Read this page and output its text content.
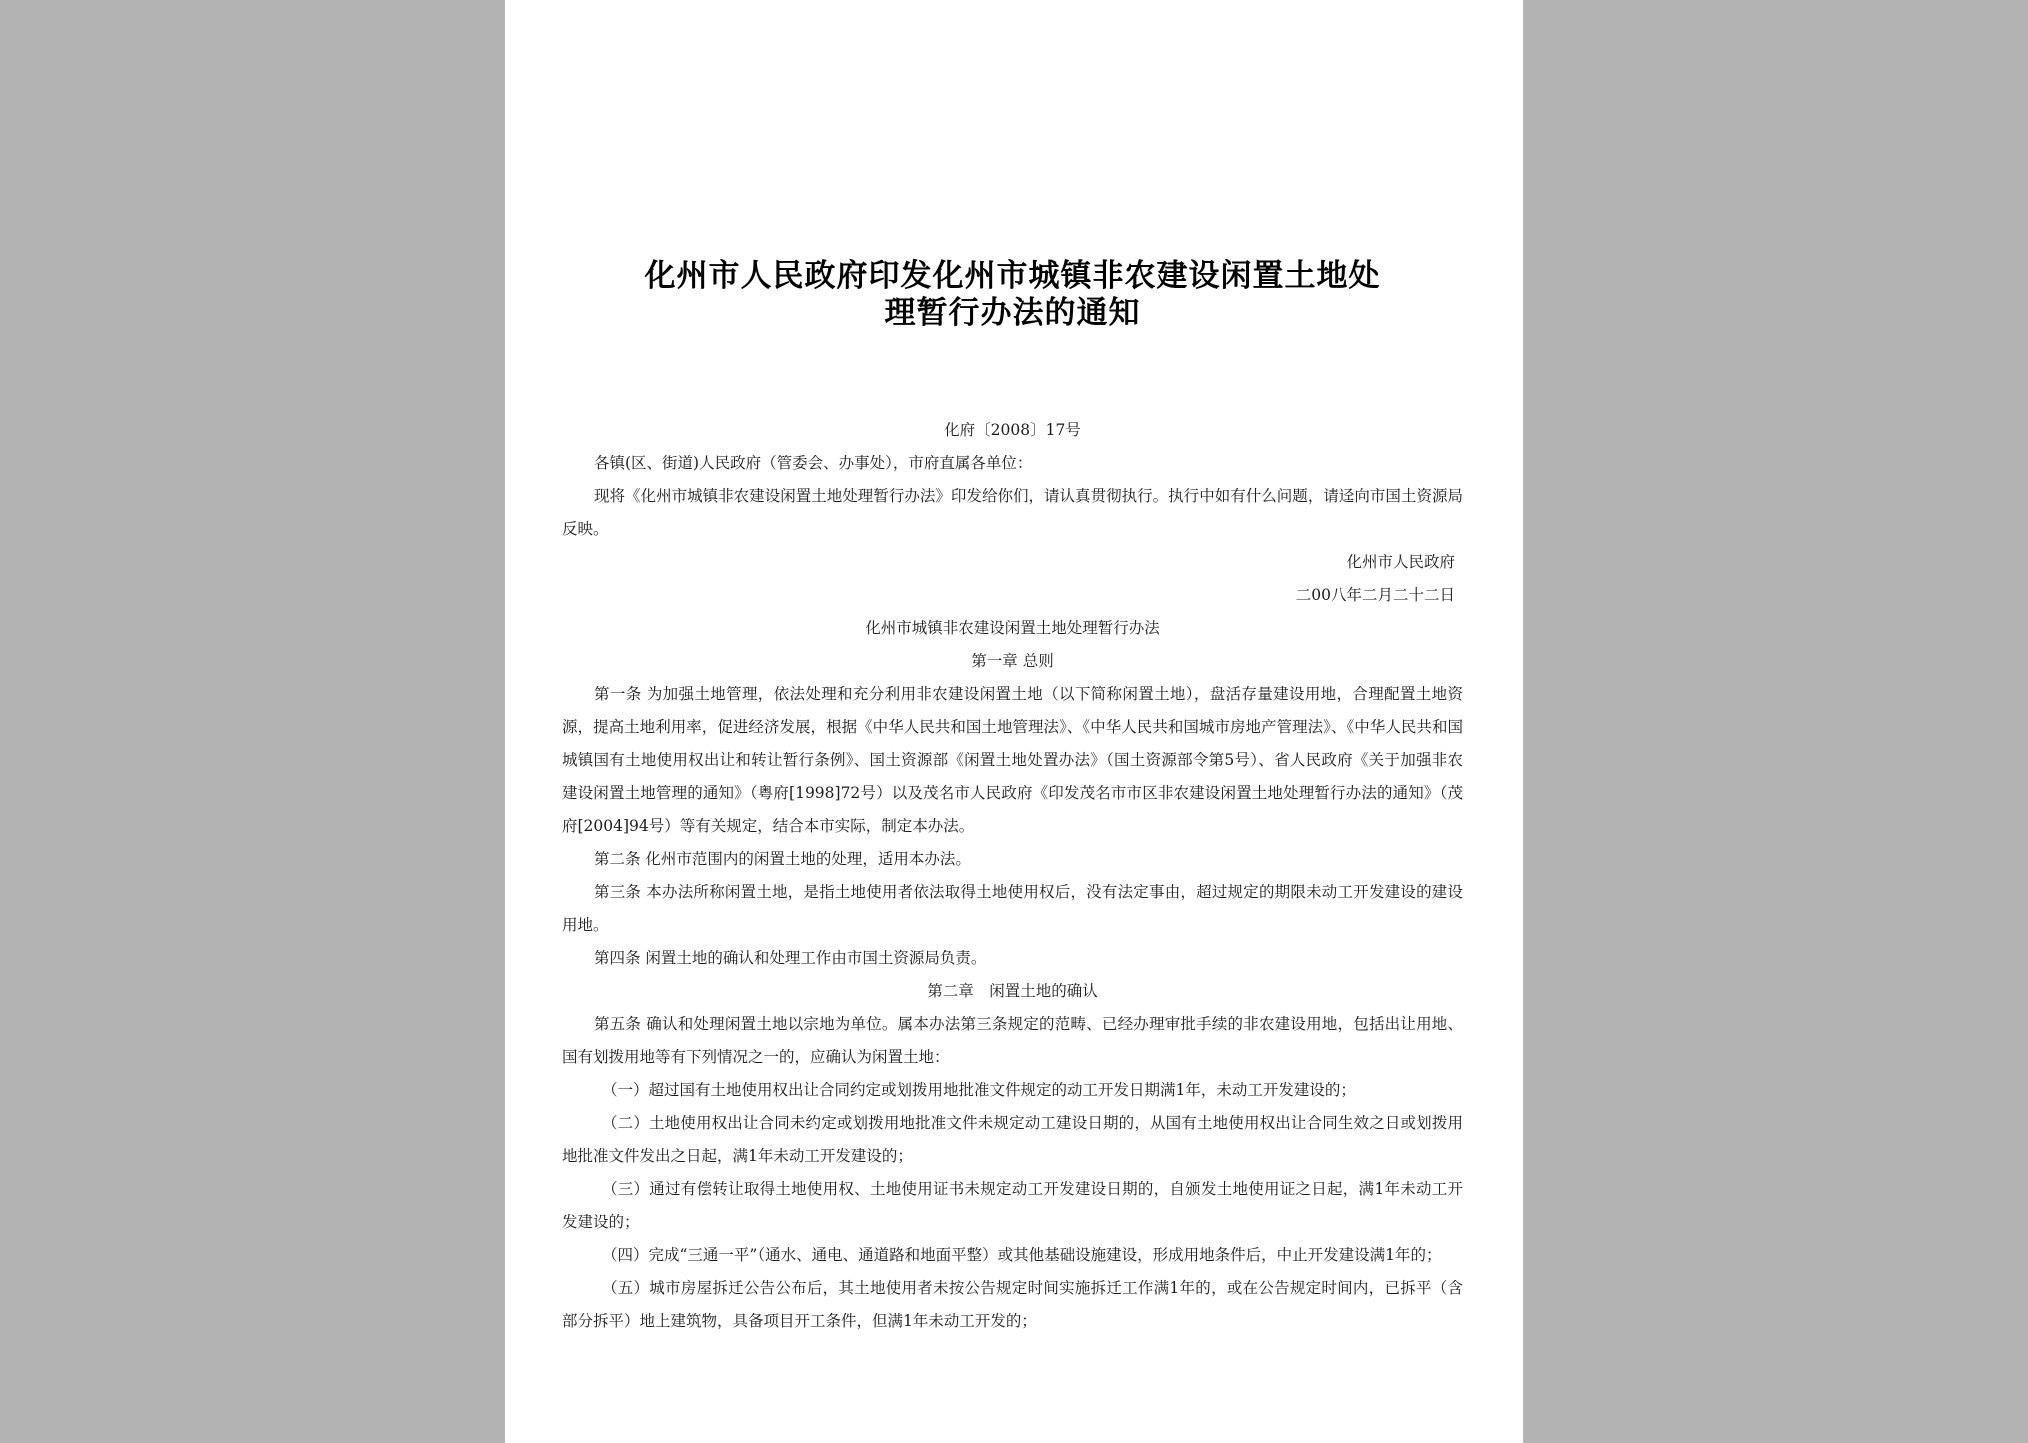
化州市人民政府印发化州市城镇非农建设闲置土地处
理暂行办法的通知

化府〔2008〕17号

各镇(区、街道)人民政府（管委会、办事处），市府直属各单位：

现将《化州市城镇非农建设闲置土地处理暂行办法》印发给你们，请认真贯彻执行。执行中如有什么问题，请迳向市国土资源局反映。

化州市人民政府

二00八年二月二十二日

化州市城镇非农建设闲置土地处理暂行办法

第一章 总则

第一条 为加强土地管理，依法处理和充分利用非农建设闲置土地（以下简称闲置土地），盘活存量建设用地，合理配置土地资源，提高土地利用率，促进经济发展，根据《中华人民共和国土地管理法》、《中华人民共和国城市房地产管理法》、《中华人民共和国城镇国有土地使用权出让和转让暂行条例》、国土资源部《闲置土地处置办法》（国土资源部令第5号）、省人民政府《关于加强非农建设闲置土地管理的通知》（粤府[1998]72号）以及茂名市人民政府《印发茂名市市区非农建设闲置土地处理暂行办法的通知》（茂府[2004]94号）等有关规定，结合本市实际，制定本办法。

第二条 化州市范围内的闲置土地的处理，适用本办法。

第三条 本办法所称闲置土地，是指土地使用者依法取得土地使用权后，没有法定事由，超过规定的期限未动工开发建设的建设用地。

第四条 闲置土地的确认和处理工作由市国土资源局负责。

第二章　闲置土地的确认

第五条 确认和处理闲置土地以宗地为单位。属本办法第三条规定的范畴、已经办理审批手续的非农建设用地，包括出让用地、国有划拨用地等有下列情况之一的，应确认为闲置土地：

（一）超过国有土地使用权出让合同约定或划拨用地批准文件规定的动工开发日期满1年，未动工开发建设的；

（二）土地使用权出让合同未约定或划拨用地批准文件未规定动工建设日期的，从国有土地使用权出让合同生效之日或划拨用地批准文件发出之日起，满1年未动工开发建设的；

（三）通过有偿转让取得土地使用权、土地使用证书未规定动工开发建设日期的，自颁发土地使用证之日起，满1年未动工开发建设的；

（四）完成“三通一平”（通水、通电、通道路和地面平整）或其他基础设施建设，形成用地条件后，中止开发建设满1年的；

（五）城市房屋拆迁公告公布后，其土地使用者未按公告规定时间实施拆迁工作满1年的，或在公告规定时间内，已拆平（含部分拆平）地上建筑物，具备项目开工条件，但满1年未动工开发的；
